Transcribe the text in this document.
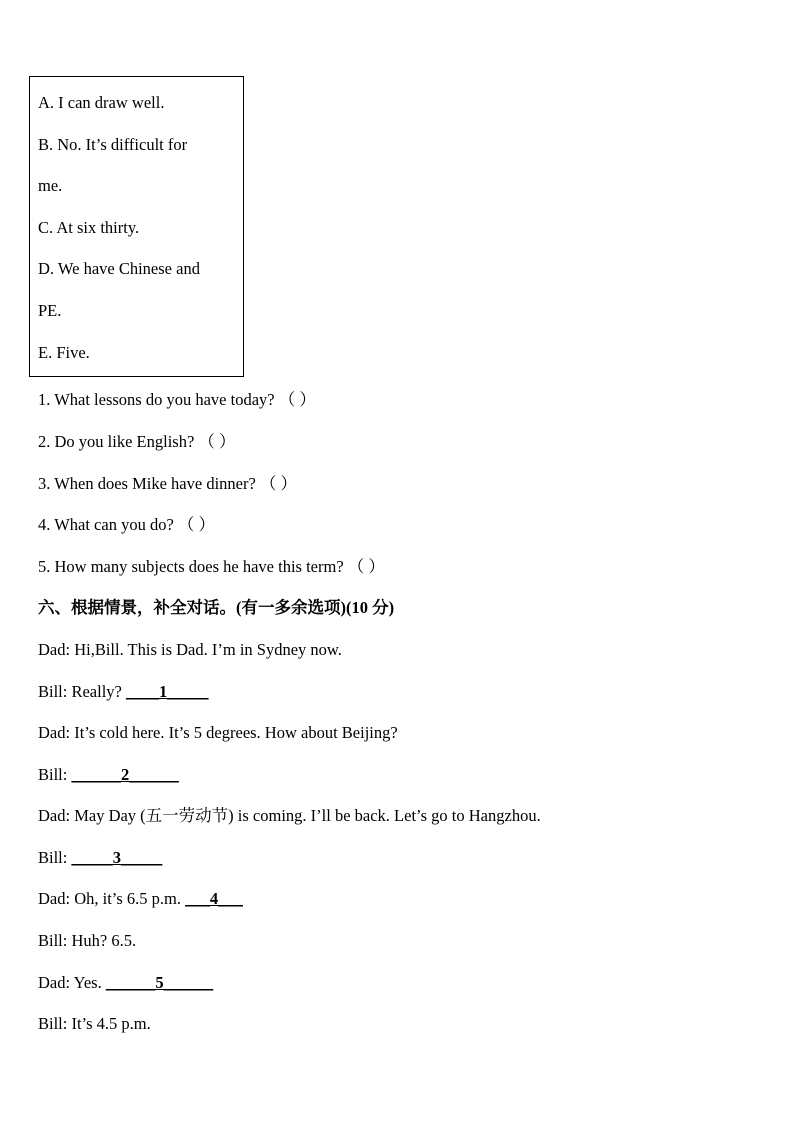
A. I can draw well.
B. No. It’s difficult for
me.
C. At six thirty.
D. We have Chinese and
PE.
E. Five.
1. What lessons do you have today? （ ）
2. Do you like English? （ ）
3. When does Mike have dinner? （ ）
4. What can you do? （ ）
5. How many subjects does he have this term? （ ）
六、根据情景，补全对话。(有一多余选项)(10 分)
Dad: Hi,Bill. This is Dad. I’m in Sydney now.
Bill: Really? ____1_____
Dad: It’s cold here. It’s 5 degrees. How about Beijing?
Bill: ______2______
Dad: May Day (五一劳动节) is coming. I’ll be back. Let’s go to Hangzhou.
Bill: _____3_____
Dad: Oh, it’s 6.5 p.m. ___4___
Bill: Huh? 6.5.
Dad: Yes. ______5______
Bill: It’s 4.5 p.m.
